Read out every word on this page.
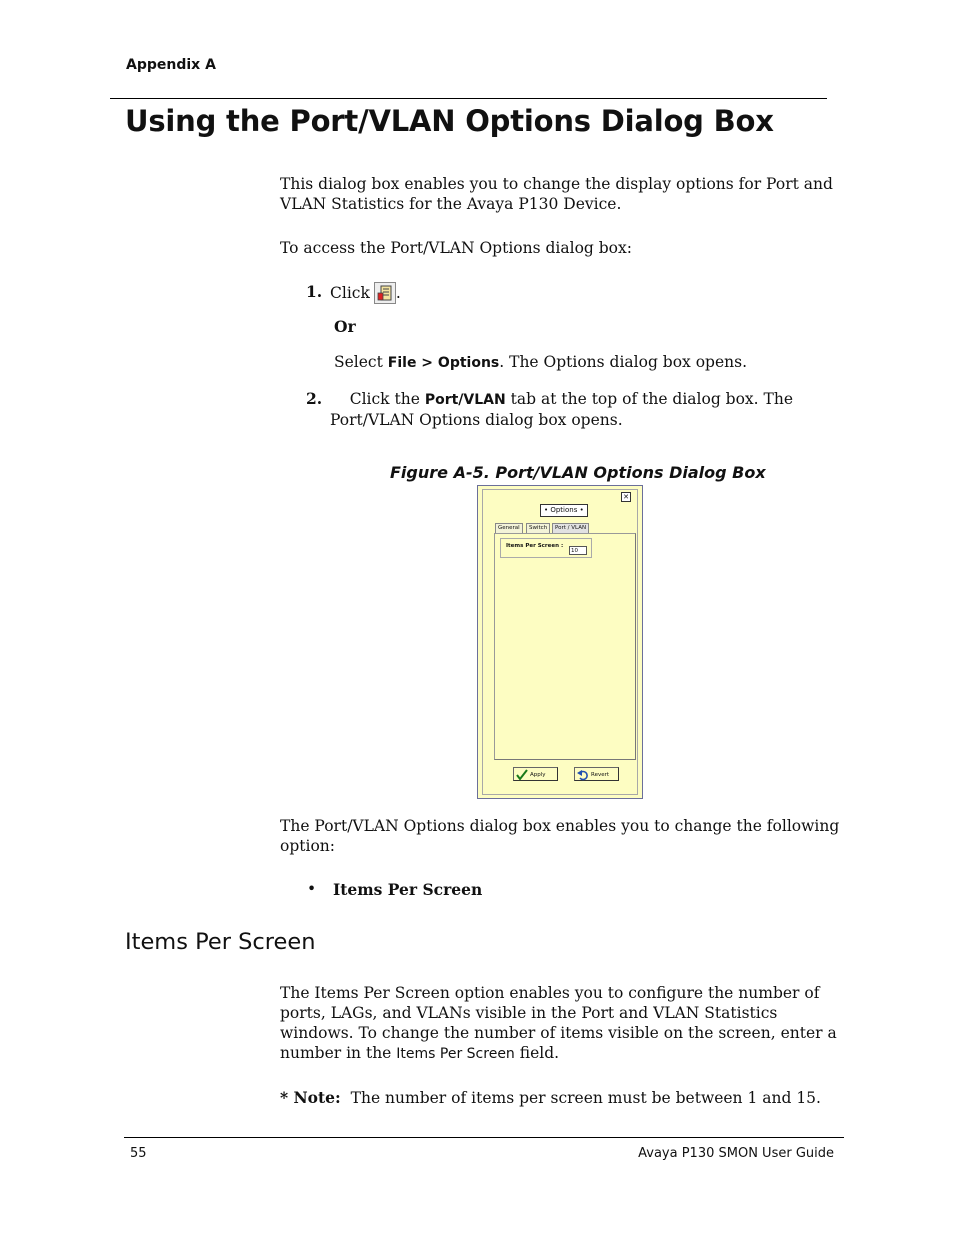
Appendix A
Using the Port/VLAN Options Dialog Box
This dialog box enables you to change the display options for Port and VLAN Statistics for the Avaya P130 Device.
To access the Port/VLAN Options dialog box:
1. Click .
Or
Select File > Options. The Options dialog box opens.
2.	Click the Port/VLAN tab at the top of the dialog box. The Port/VLAN Options dialog box opens.
Figure A-5. Port/VLAN Options Dialog Box
✕
• Options •
General	Switch	Port / VLAN
Items Per Screen :
10
Apply	Revert
The Port/VLAN Options dialog box enables you to change the following option:
• Items Per Screen
Items Per Screen
The Items Per Screen option enables you to configure the number of ports, LAGs, and VLANs visible in the Port and VLAN Statistics windows. To change the number of items visible on the screen, enter a number in the Items Per Screen field.
* Note: The number of items per screen must be between 1 and 15.
55	Avaya P130 SMON User Guide
